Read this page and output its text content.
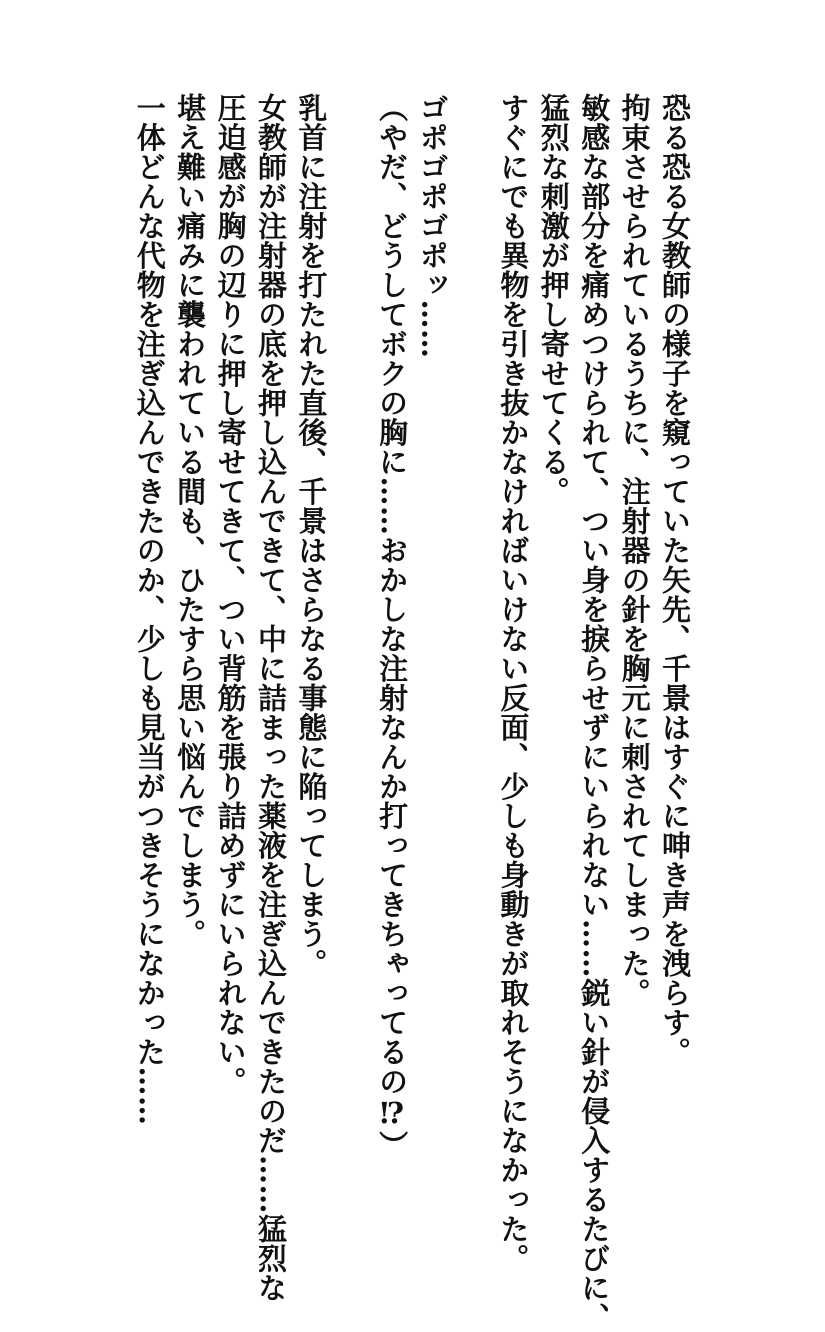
恐る恐る女教師の様子を窺っていた矢先、千景はすぐに呻き声を洩らす。
拘束させられているうちに、注射器の針を胸元に刺されてしまった。
敏感な部分を痛めつけられて、つい身を捩らせずにいられない……鋭い針が侵入するたびに、
猛烈な刺激が押し寄せてくる。
すぐにでも異物を引き抜かなければいけない反面、少しも身動きが取れそうになかった。
ゴポゴポゴポッ……
（やだ、どうしてボクの胸に……おかしな注射なんか打ってきちゃってるの⁉）
乳首に注射を打たれた直後、千景はさらなる事態に陥ってしまう。
女教師が注射器の底を押し込んできて、中に詰まった薬液を注ぎ込んできたのだ……猛烈な
圧迫感が胸の辺りに押し寄せてきて、つい背筋を張り詰めずにいられない。
堪え難い痛みに襲われている間も、ひたすら思い悩んでしまう。
一体どんな代物を注ぎ込んできたのか、少しも見当がつきそうになかった……
